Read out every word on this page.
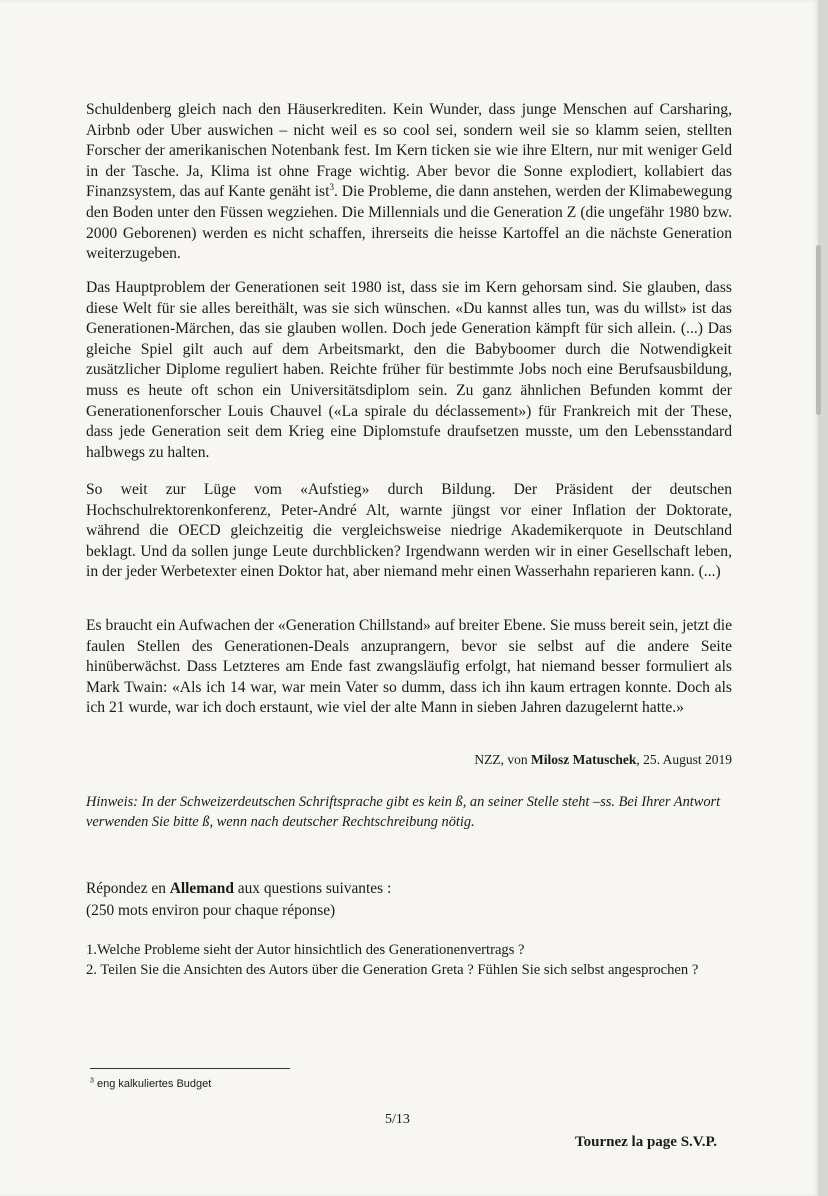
Schuldenberg gleich nach den Häuserkrediten. Kein Wunder, dass junge Menschen auf Carsharing, Airbnb oder Uber auswichen – nicht weil es so cool sei, sondern weil sie so klamm seien, stellten Forscher der amerikanischen Notenbank fest. Im Kern ticken sie wie ihre Eltern, nur mit weniger Geld in der Tasche. Ja, Klima ist ohne Frage wichtig. Aber bevor die Sonne explodiert, kollabiert das Finanzsystem, das auf Kante genäht ist$^3$. Die Probleme, die dann anstehen, werden der Klimabewegung den Boden unter den Füssen wegziehen. Die Millennials und die Generation Z (die ungefähr 1980 bzw. 2000 Geborenen) werden es nicht schaffen, ihrerseits die heisse Kartoffel an die nächste Generation weiterzugeben.

Das Hauptproblem der Generationen seit 1980 ist, dass sie im Kern gehorsam sind. Sie glauben, dass diese Welt für sie alles bereithält, was sie sich wünschen. «Du kannst alles tun, was du willst» ist das Generationen-Märchen, das sie glauben wollen. Doch jede Generation kämpft für sich allein. (...) Das gleiche Spiel gilt auch auf dem Arbeitsmarkt, den die Babyboomer durch die Notwendigkeit zusätzlicher Diplome reguliert haben. Reichte früher für bestimmte Jobs noch eine Berufsausbildung, muss es heute oft schon ein Universitätsdiplom sein. Zu ganz ähnlichen Befunden kommt der Generationenforscher Louis Chauvel («La spirale du déclassement») für Frankreich mit der These, dass jede Generation seit dem Krieg eine Diplomstufe draufsetzen musste, um den Lebensstandard halbwegs zu halten.

So weit zur Lüge vom «Aufstieg» durch Bildung. Der Präsident der deutschen Hochschulrektorenkonferenz, Peter-André Alt, warnte jüngst vor einer Inflation der Doktorate, während die OECD gleichzeitig die vergleichsweise niedrige Akademikerquote in Deutschland beklagt. Und da sollen junge Leute durchblicken? Irgendwann werden wir in einer Gesellschaft leben, in der jeder Werbetexter einen Doktor hat, aber niemand mehr einen Wasserhahn reparieren kann. (...)

Es braucht ein Aufwachen der «Generation Chillstand» auf breiter Ebene. Sie muss bereit sein, jetzt die faulen Stellen des Generationen-Deals anzuprangern, bevor sie selbst auf die andere Seite hinüberwächst. Dass Letzteres am Ende fast zwangsläufig erfolgt, hat niemand besser formuliert als Mark Twain: «Als ich 14 war, war mein Vater so dumm, dass ich ihn kaum ertragen konnte. Doch als ich 21 wurde, war ich doch erstaunt, wie viel der alte Mann in sieben Jahren dazugelernt hatte.»

NZZ, von Milosz Matuschek, 25. August 2019

Hinweis: In der Schweizerdeutschen Schriftsprache gibt es kein ß, an seiner Stelle steht –ss. Bei Ihrer Antwort verwenden Sie bitte ß, wenn nach deutscher Rechtschreibung nötig.

Répondez en Allemand aux questions suivantes :
(250 mots environ pour chaque réponse)
1.Welche Probleme sieht der Autor hinsichtlich des Generationenvertrags ?
2. Teilen Sie die Ansichten des Autors über die Generation Greta ? Fühlen Sie sich selbst angesprochen ?
$^3$ eng kalkuliertes Budget
5/13
Tournez la page S.V.P.
